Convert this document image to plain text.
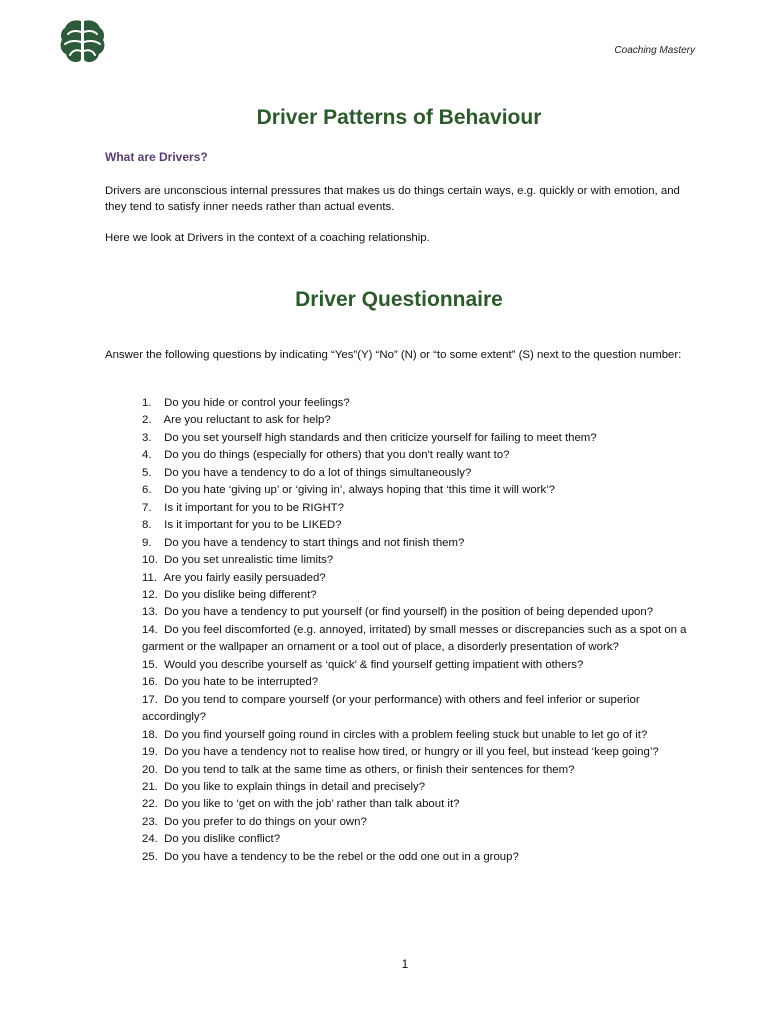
Coaching Mastery
Driver Patterns of Behaviour
What are Drivers?

Drivers are unconscious internal pressures that makes us do things certain ways, e.g. quickly or with emotion, and they tend to satisfy inner needs rather than actual events.

Here we look at Drivers in the context of a coaching relationship.

Driver Questionnaire

Answer the following questions by indicating “Yes”(Y) “No” (N) or “to some extent” (S) next to the question number:

1. Do you hide or control your feelings?
2. Are you reluctant to ask for help?
3. Do you set yourself high standards and then criticize yourself for failing to meet them?
4. Do you do things (especially for others) that you don't really want to?
5. Do you have a tendency to do a lot of things simultaneously?
6. Do you hate ‘giving up’ or ‘giving in’, always hoping that ‘this time it will work’?
7. Is it important for you to be RIGHT?
8. Is it important for you to be LIKED?
9. Do you have a tendency to start things and not finish them?
10. Do you set unrealistic time limits?
11. Are you fairly easily persuaded?
12. Do you dislike being different?
13. Do you have a tendency to put yourself (or find yourself) in the position of being depended upon?
14. Do you feel discomforted (e.g. annoyed, irritated) by small messes or discrepancies such as a spot on a garment or the wallpaper an ornament or a tool out of place, a disorderly presentation of work?
15. Would you describe yourself as ‘quick’ & find yourself getting impatient with others?
16. Do you hate to be interrupted?
17. Do you tend to compare yourself (or your performance) with others and feel inferior or superior accordingly?
18. Do you find yourself going round in circles with a problem feeling stuck but unable to let go of it?
19. Do you have a tendency not to realise how tired, or hungry or ill you feel, but instead ‘keep going’?
20. Do you tend to talk at the same time as others, or finish their sentences for them?
21. Do you like to explain things in detail and precisely?
22. Do you like to ‘get on with the job’ rather than talk about it?
23. Do you prefer to do things on your own?
24. Do you dislike conflict?
25. Do you have a tendency to be the rebel or the odd one out in a group?
1
